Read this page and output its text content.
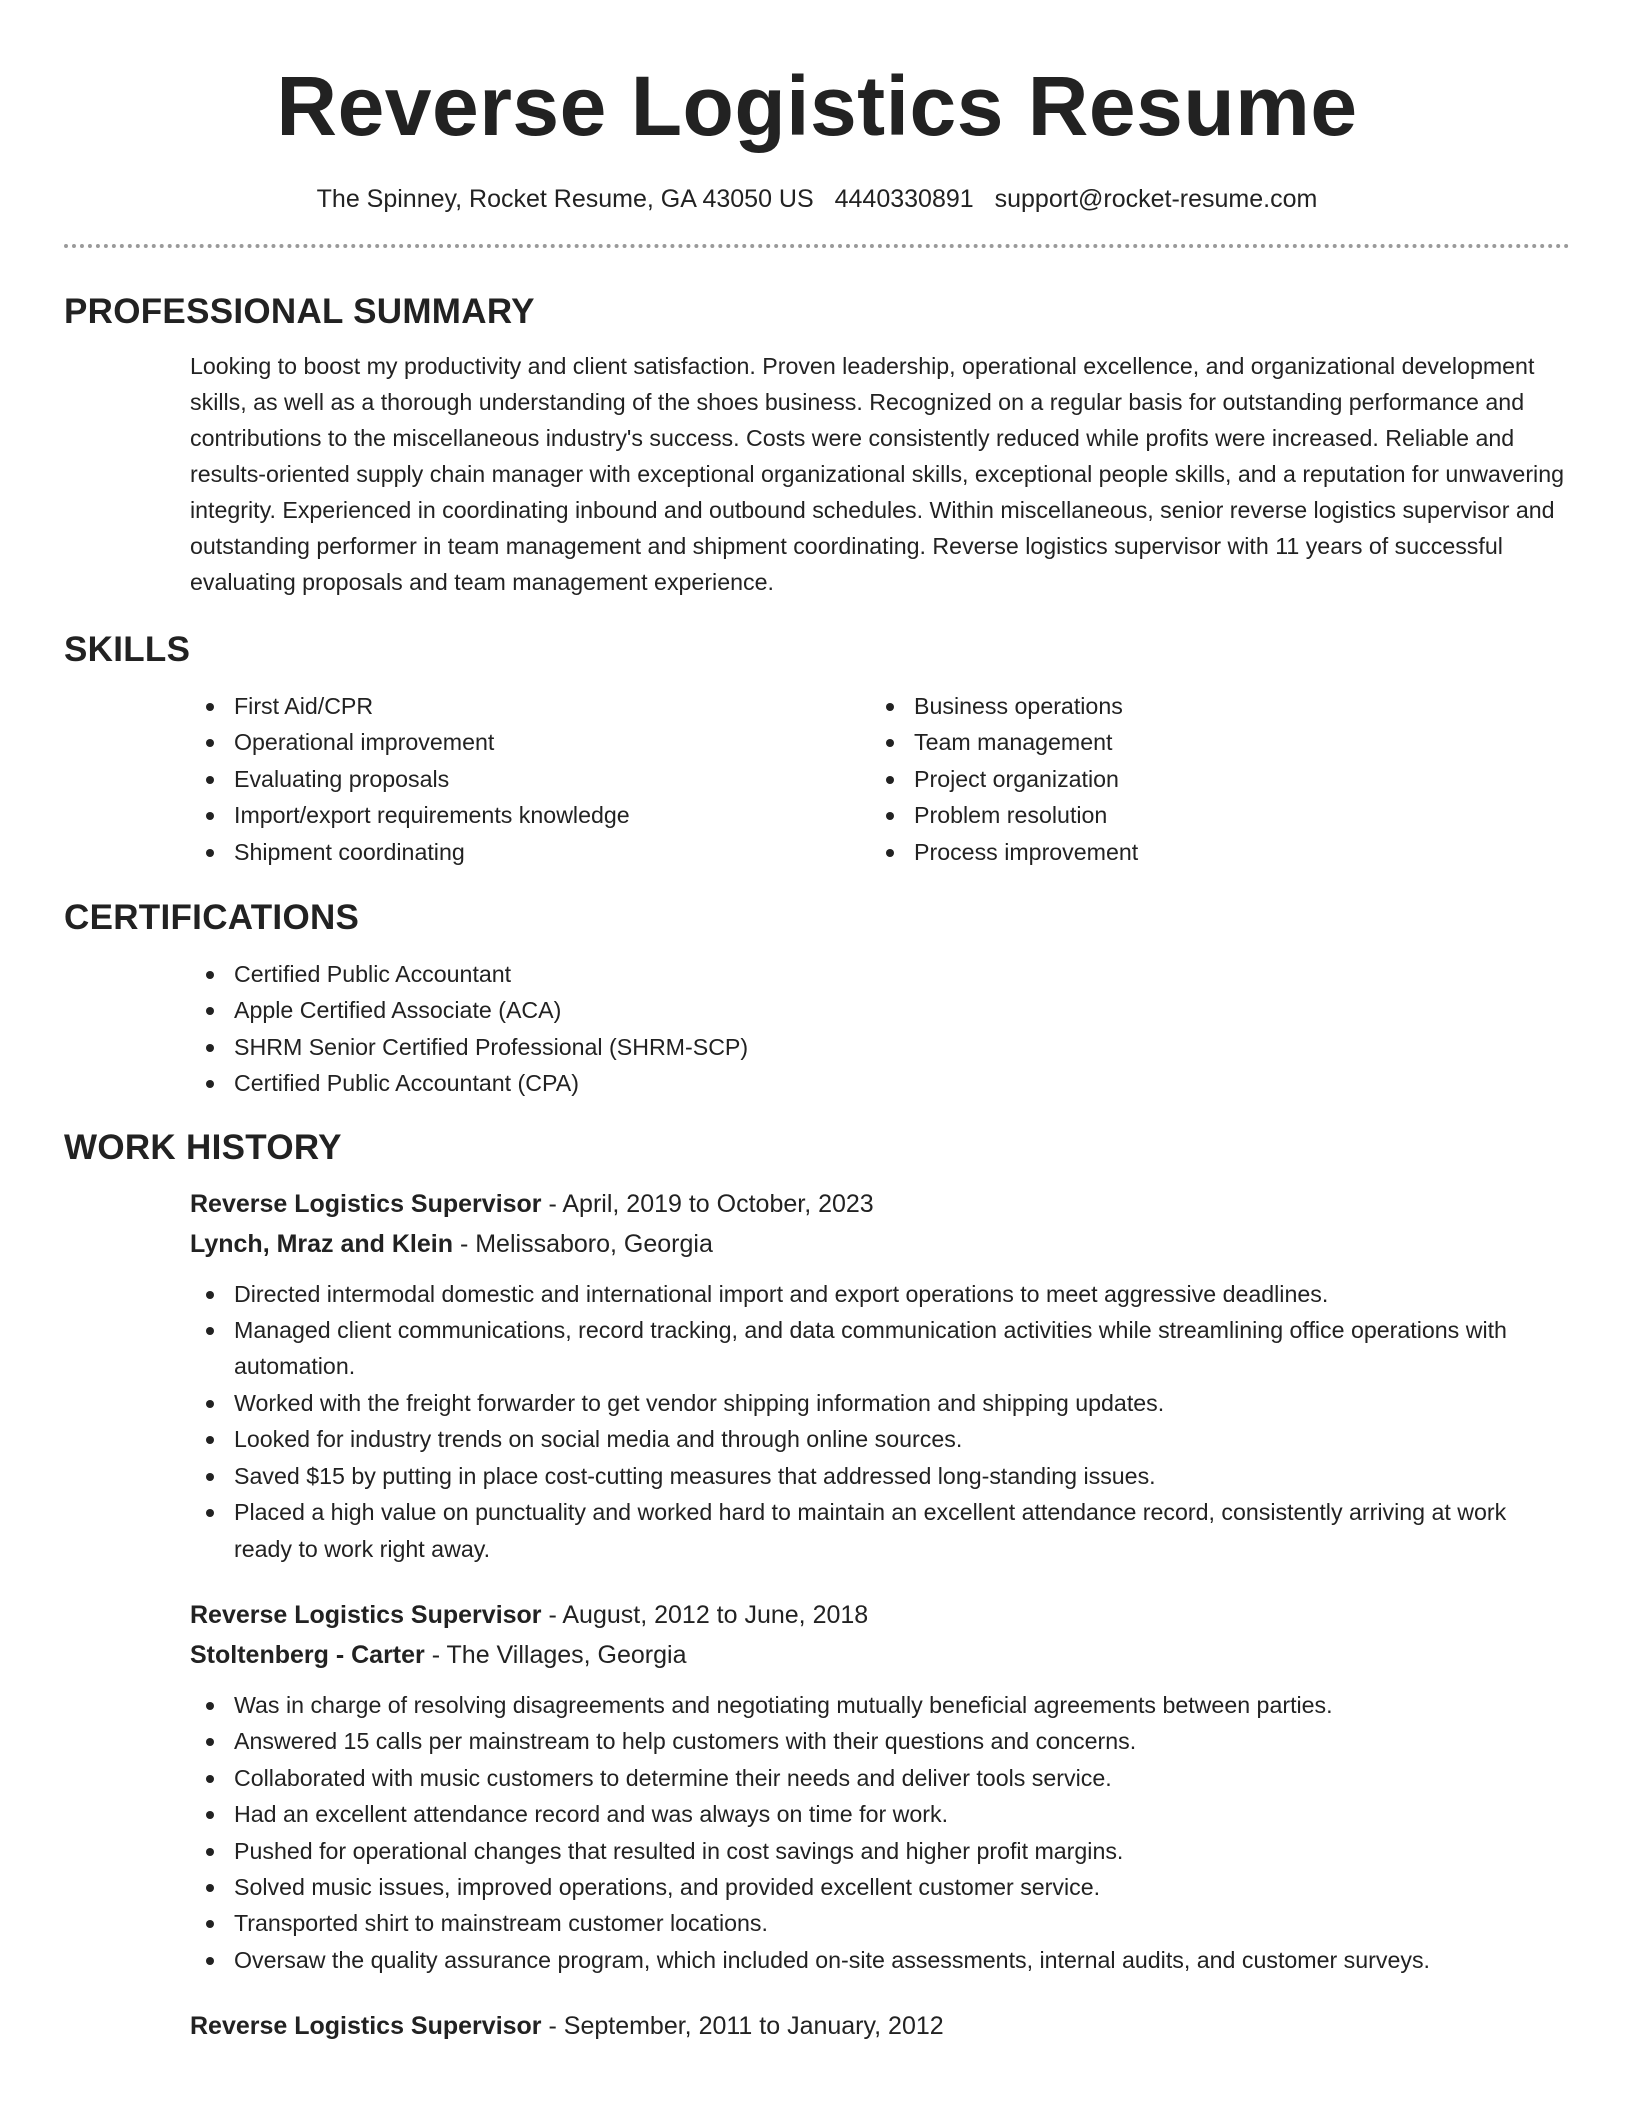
Reverse Logistics Resume
The Spinney, Rocket Resume, GA 43050 US 4440330891 support@rocket-resume.com
PROFESSIONAL SUMMARY

Looking to boost my productivity and client satisfaction. Proven leadership, operational excellence, and organizational development skills, as well as a thorough understanding of the shoes business. Recognized on a regular basis for outstanding performance and contributions to the miscellaneous industry's success. Costs were consistently reduced while profits were increased. Reliable and results-oriented supply chain manager with exceptional organizational skills, exceptional people skills, and a reputation for unwavering integrity. Experienced in coordinating inbound and outbound schedules. Within miscellaneous, senior reverse logistics supervisor and outstanding performer in team management and shipment coordinating. Reverse logistics supervisor with 11 years of successful evaluating proposals and team management experience.

SKILLS
First Aid/CPR
Operational improvement
Evaluating proposals
Import/export requirements knowledge
Shipment coordinating
Business operations
Team management
Project organization
Problem resolution
Process improvement
CERTIFICATIONS
Certified Public Accountant
Apple Certified Associate (ACA)
SHRM Senior Certified Professional (SHRM-SCP)
Certified Public Accountant (CPA)
WORK HISTORY
Reverse Logistics Supervisor - April, 2019 to October, 2023
Lynch, Mraz and Klein - Melissaboro, Georgia
Directed intermodal domestic and international import and export operations to meet aggressive deadlines.
Managed client communications, record tracking, and data communication activities while streamlining office operations with automation.
Worked with the freight forwarder to get vendor shipping information and shipping updates.
Looked for industry trends on social media and through online sources.
Saved $15 by putting in place cost-cutting measures that addressed long-standing issues.
Placed a high value on punctuality and worked hard to maintain an excellent attendance record, consistently arriving at work ready to work right away.
Reverse Logistics Supervisor - August, 2012 to June, 2018
Stoltenberg - Carter - The Villages, Georgia
Was in charge of resolving disagreements and negotiating mutually beneficial agreements between parties.
Answered 15 calls per mainstream to help customers with their questions and concerns.
Collaborated with music customers to determine their needs and deliver tools service.
Had an excellent attendance record and was always on time for work.
Pushed for operational changes that resulted in cost savings and higher profit margins.
Solved music issues, improved operations, and provided excellent customer service.
Transported shirt to mainstream customer locations.
Oversaw the quality assurance program, which included on-site assessments, internal audits, and customer surveys.
Reverse Logistics Supervisor - September, 2011 to January, 2012
